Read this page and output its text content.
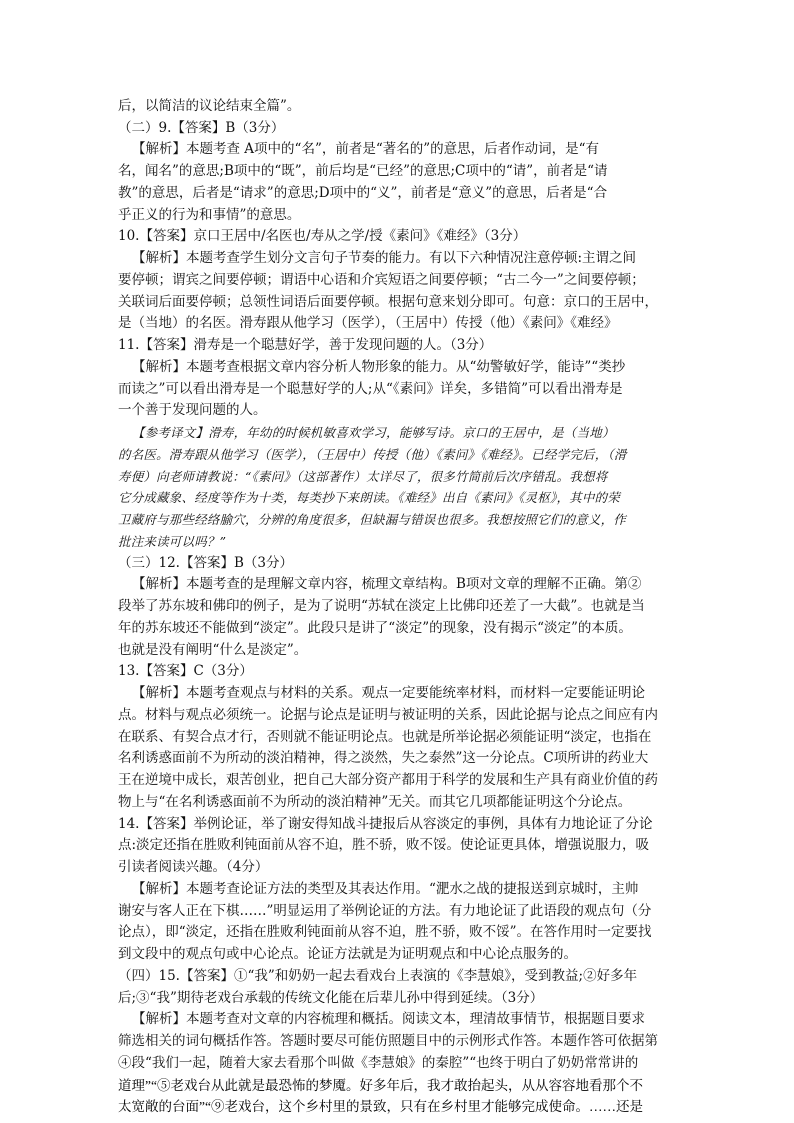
后，以简洁的议论结束全篇”。
（二）9.【答案】B（3分）
【解析】本题考查 A项中的“名”，前者是“著名的”的意思，后者作动词，是“有
名，闻名”的意思;B项中的“既”，前后均是“已经”的意思;C项中的“请”，前者是“请
教”的意思，后者是“请求”的意思;D项中的“义”，前者是“意义”的意思，后者是“合
乎正义的行为和事情”的意思。
10.【答案】京口王居中/名医也/寿从之学/授《素问》《难经》（3分）
【解析】本题考查学生划分文言句子节奏的能力。有以下六种情况注意停顿:主谓之间
要停顿；谓宾之间要停顿；谓语中心语和介宾短语之间要停顿；“古二今一”之间要停顿；
关联词后面要停顿；总领性词语后面要停顿。根据句意来划分即可。句意：京口的王居中，
是（当地）的名医。滑寿跟从他学习（医学），（王居中）传授（他）《素问》《难经》
11.【答案】滑寿是一个聪慧好学，善于发现问题的人。（3分）
【解析】本题考查根据文章内容分析人物形象的能力。从“幼警敏好学，能诗”“类抄
而读之”可以看出滑寿是一个聪慧好学的人;从“《素问》详矣，多错简”可以看出滑寿是
一个善于发现问题的人。
【参考译文】滑寿，年幼的时候机敏喜欢学习，能够写诗。京口的王居中，是（当地）
的名医。滑寿跟从他学习（医学），（王居中）传授（他）《素问》《难经》。已经学完后，（滑
寿便）向老师请教说：“《素问》（这部著作）太详尽了，很多竹简前后次序错乱。我想将
它分成藏象、经度等作为十类，每类抄下来朗读。《难经》出自《素问》《灵枢》，其中的荣
卫藏府与那些经络腧穴，分辨的角度很多，但缺漏与错误也很多。我想按照它们的意义，作
批注来读可以吗？”
（三）12.【答案】B（3分）
【解析】本题考查的是理解文章内容，梳理文章结构。B项对文章的理解不正确。第②
段举了苏东坡和佛印的例子，是为了说明“苏轼在淡定上比佛印还差了一大截”。也就是当
年的苏东坡还不能做到“淡定”。此段只是讲了“淡定”的现象，没有揭示“淡定”的本质。
也就是没有阐明“什么是淡定”。
13.【答案】C（3分）
【解析】本题考查观点与材料的关系。观点一定要能统率材料，而材料一定要能证明论
点。材料与观点必须统一。论据与论点是证明与被证明的关系，因此论据与论点之间应有内
在联系、有契合点才行，否则就不能证明论点。也就是所举论据必须能证明“淡定，也指在
名利诱惑面前不为所动的淡泊精神，得之淡然，失之泰然”这一分论点。C项所讲的药业大
王在逆境中成长，艰苦创业，把自己大部分资产都用于科学的发展和生产具有商业价值的药
物上与“在名利诱惑面前不为所动的淡泊精神”无关。而其它几项都能证明这个分论点。
14.【答案】举例论证，举了谢安得知战斗捷报后从容淡定的事例，具体有力地论证了分论
点:淡定还指在胜败利钝面前从容不迫，胜不骄，败不馁。使论证更具体，增强说服力，吸
引读者阅读兴趣。（4分）
【解析】本题考查论证方法的类型及其表达作用。“淝水之战的捷报送到京城时，主帅
谢安与客人正在下棋……”明显运用了举例论证的方法。有力地论证了此语段的观点句（分
论点），即“淡定，还指在胜败利钝面前从容不迫，胜不骄，败不馁”。在答作用时一定要找
到文段中的观点句或中心论点。论证方法就是为证明观点和中心论点服务的。
（四）15.【答案】①“我”和奶奶一起去看戏台上表演的《李慧娘》，受到教益;②好多年
后;③“我”期待老戏台承载的传统文化能在后辈儿孙中得到延续。（3分）
【解析】本题考查对文章的内容梳理和概括。阅读文本，理清故事情节，根据题目要求
筛选相关的词句概括作答。答题时要尽可能仿照题目中的示例形式作答。本题作答可依据第
④段“我们一起，随着大家去看那个叫做《李慧娘》的秦腔”“也终于明白了奶奶常常讲的
道理”“⑤老戏台从此就是最恐怖的梦魇。好多年后，我才敢抬起头，从从容容地看那个不
太宽敞的台面”“⑨老戏台，这个乡村里的景致，只有在乡村里才能够完成使命。……还是
